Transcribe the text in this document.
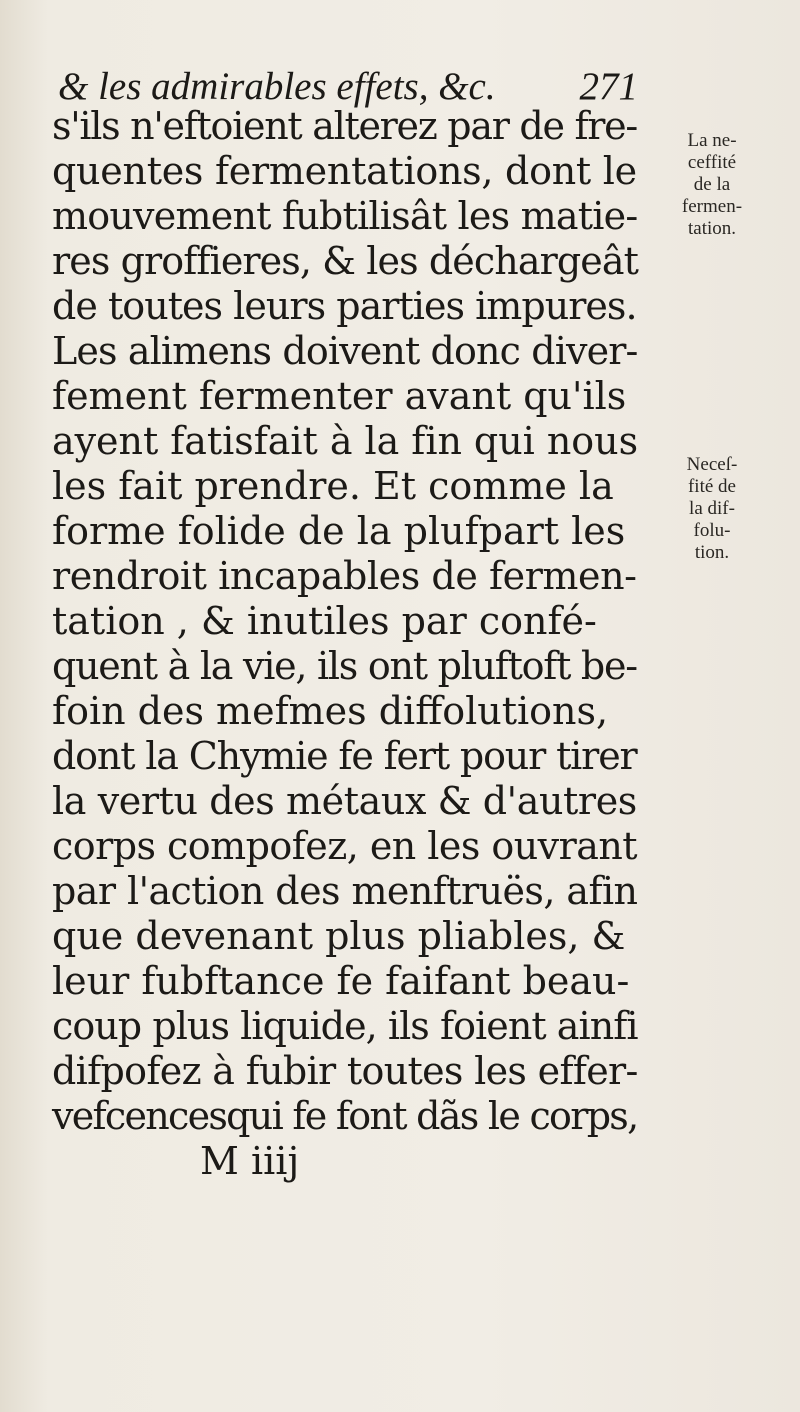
& les admirables effets, &c. 271
s'ils n'eftoient alterez par de fre-
quentes fermentations, dont le
mouvement fubtilisât les matie-
res groffieres, & les déchargeât
de toutes leurs parties impures.
Les alimens doivent donc diver-
fement fermenter avant qu'ils
ayent fatisfait à la fin qui nous
les fait prendre. Et comme la
forme folide de la plufpart les
rendroit incapables de fermen-
tation , & inutiles par confé-
quent à la vie, ils ont pluftoft be-
foin des mefmes diffolutions,
dont la Chymie fe fert pour tirer
la vertu des métaux & d'autres
corps compofez, en les ouvrant
par l'action des menftruës, afin
que devenant plus pliables, &
leur fubftance fe faifant beau-
coup plus liquide, ils foient ainfi
difpofez à fubir toutes les effer-
vefcencesqui fe font dãs le corps,
M iiij
La ne-
ceffité
de la
fermen-
tation.
Neceſ-
fité de
la dif-
folu-
tion.
